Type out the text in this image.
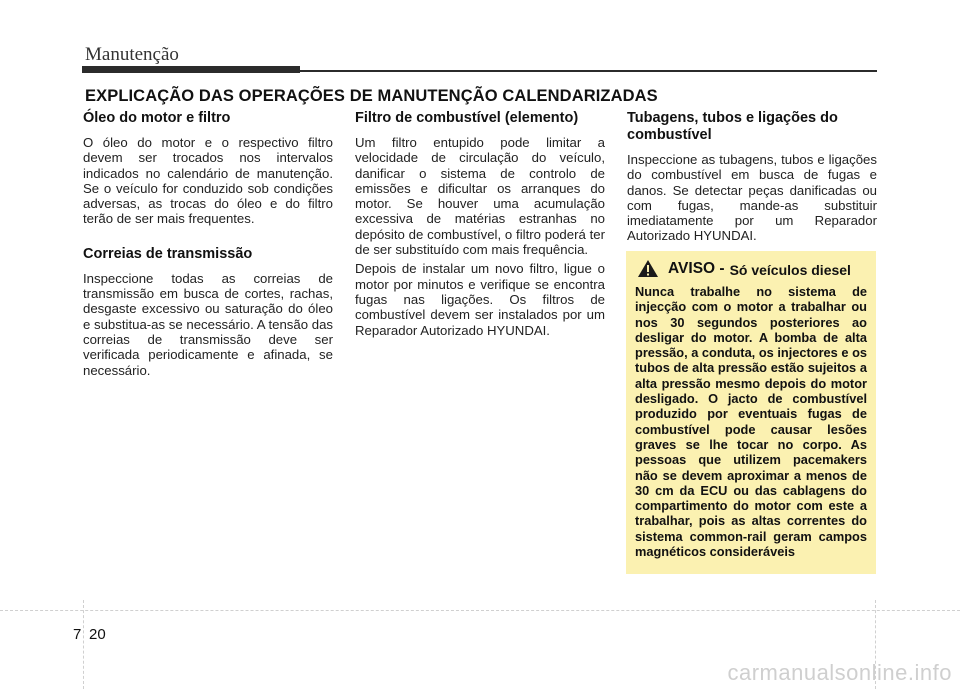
Manutenção
EXPLICAÇÃO DAS OPERAÇÕES DE MANUTENÇÃO CALENDARIZADAS
Óleo do motor e filtro

O óleo do motor e o respectivo filtro devem ser trocados nos intervalos indicados no calendário de manutenção. Se o veículo for conduzido sob condições adversas, as trocas do óleo e do filtro terão de ser mais frequentes.

Correias de transmissão

Inspeccione todas as correias de transmissão em busca de cortes, rachas, desgaste excessivo ou saturação do óleo e substitua-as se necessário. A tensão das correias de transmissão deve ser verificada periodicamente e afinada, se necessário.

Filtro de combustível (elemento)

Um filtro entupido pode limitar a velocidade de circulação do veículo, danificar o sistema de controlo de emissões e dificultar os arranques do motor. Se houver uma acumulação excessiva de matérias estranhas no depósito de combustível, o filtro poderá ter de ser substituído com mais frequência.

Depois de instalar um novo filtro, ligue o motor por minutos e verifique se encontra fugas nas ligações. Os filtros de combustível devem ser instalados por um Reparador Autorizado HYUNDAI.

Tubagens, tubos e ligações do combustível

Inspeccione as tubagens, tubos e ligações do combustível em busca de fugas e danos. Se detectar peças danificadas ou com fugas, mande-as substituir imediatamente por um Reparador Autorizado HYUNDAI.

AVISO - Só veículos diesel

Nunca trabalhe no sistema de injecção com o motor a trabalhar ou nos 30 segundos posteriores ao desligar do motor. A bomba de alta pressão, a conduta, os injectores e os tubos de alta pressão estão sujeitos a alta pressão mesmo depois do motor desligado. O jacto de combustível produzido por eventuais fugas de combustível pode causar lesões graves se lhe tocar no corpo. As pessoas que utilizem pacemakers não se devem aproximar a menos de 30 cm da ECU ou das cablagens do compartimento do motor com este a trabalhar, pois as altas correntes do sistema common-rail geram campos magnéticos consideráveis

7 20
carmanualsonline.info
